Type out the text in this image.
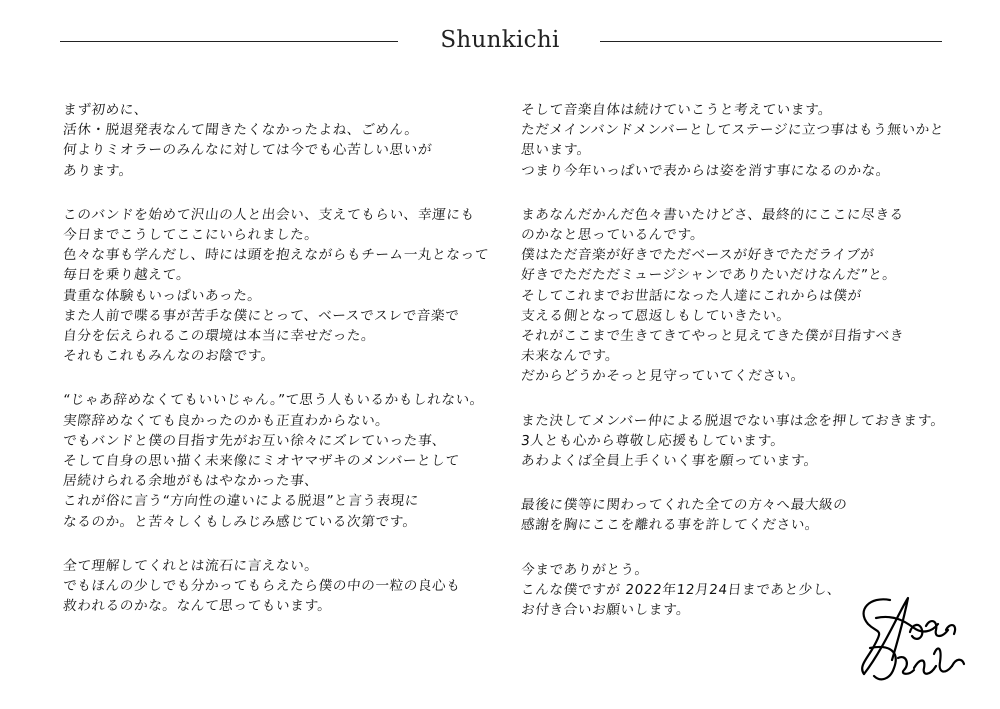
Shunkichi
まず初めに、
活休・脱退発表なんて聞きたくなかったよね、ごめん。
何よりミオラーのみんなに対しては今でも心苦しい思いが
あります。
このバンドを始めて沢山の人と出会い、支えてもらい、幸運にも
今日までこうしてここにいられました。
色々な事も学んだし、時には頭を抱えながらもチーム一丸となって
毎日を乗り越えて。
貴重な体験もいっぱいあった。
また人前で喋る事が苦手な僕にとって、ベースでスレで音楽で
自分を伝えられるこの環境は本当に幸せだった。
それもこれもみんなのお陰です。
“じゃあ辞めなくてもいいじゃん。”て思う人もいるかもしれない。
実際辞めなくても良かったのかも正直わからない。
でもバンドと僕の目指す先がお互い徐々にズレていった事、
そして自身の思い描く未来像にミオヤマザキのメンバーとして
居続けられる余地がもはやなかった事、
これが俗に言う“方向性の違いによる脱退”と言う表現に
なるのか。と苦々しくもしみじみ感じている次第です。
全て理解してくれとは流石に言えない。
でもほんの少しでも分かってもらえたら僕の中の一粒の良心も
救われるのかな。なんて思ってもいます。
そして音楽自体は続けていこうと考えています。
ただメインバンドメンバーとしてステージに立つ事はもう無いかと
思います。
つまり今年いっぱいで表からは姿を消す事になるのかな。
まあなんだかんだ色々書いたけどさ、最終的にここに尽きる
のかなと思っているんです。
僕はただ音楽が好きでただベースが好きでただライブが
好きでただただミュージシャンでありたいだけなんだ”と。
そしてこれまでお世話になった人達にこれからは僕が
支える側となって恩返しもしていきたい。
それがここまで生きてきてやっと見えてきた僕が目指すべき
未来なんです。
だからどうかそっと見守っていてください。
また決してメンバー仲による脱退でない事は念を押しておきます。
3人とも心から尊敬し応援もしています。
あわよくば全員上手くいく事を願っています。
最後に僕等に関わってくれた全ての方々へ最大級の
感謝を胸にここを離れる事を許してください。
今までありがとう。
こんな僕ですが 2022年12月24日まであと少し、
お付き合いお願いします。
